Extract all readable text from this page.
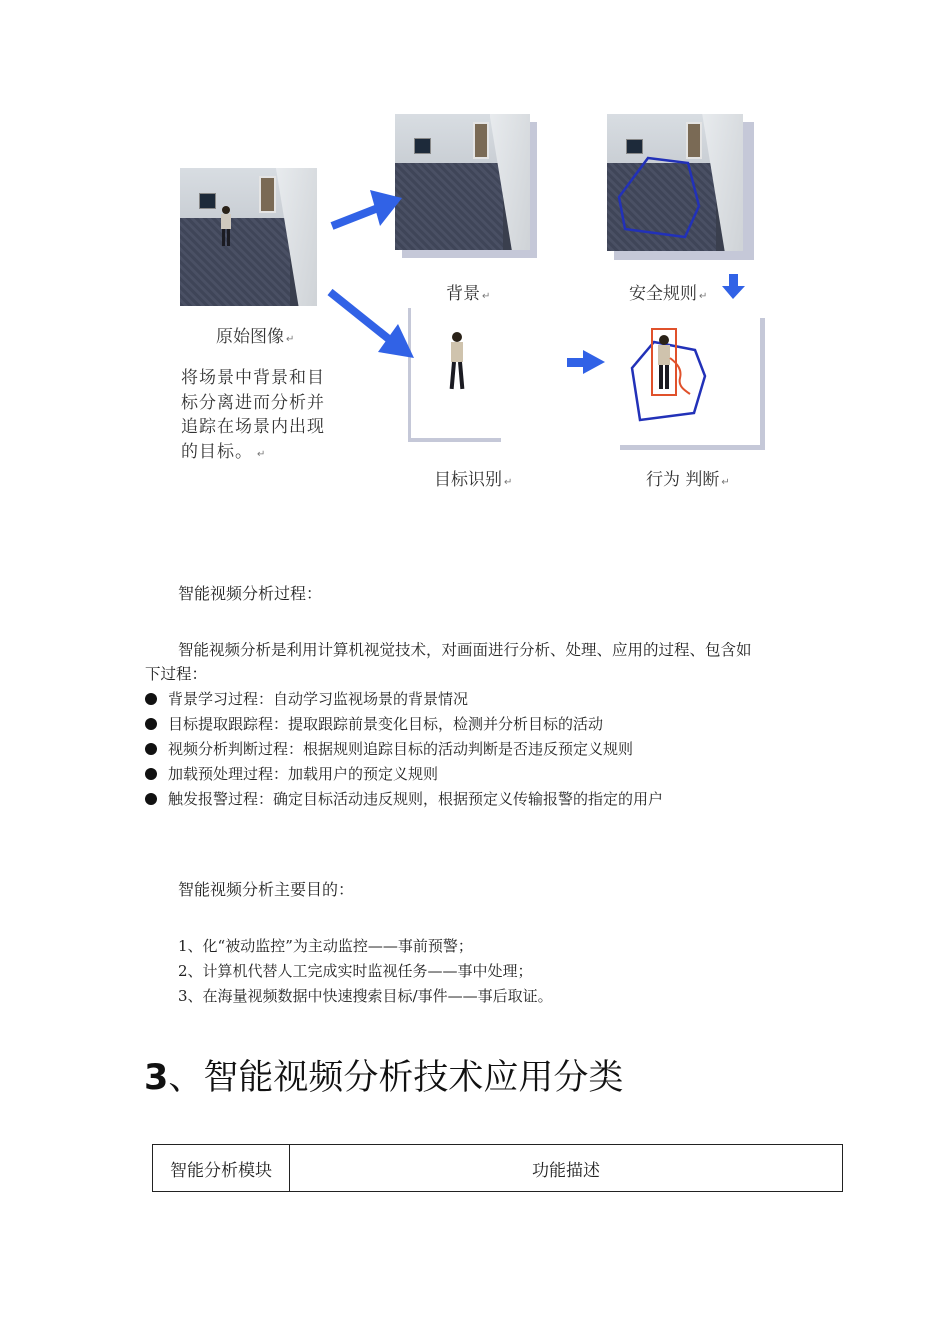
原始图像 ↵
将场景中背景和目
标分离进而分析并
追踪在场景内出现
的目标。 ↵
背景 ↵	安全规则 ↵
目标识别 ↵	行为 判断 ↵
智能视频分析过程：
智能视频分析是利用计算机视觉技术，对画面进行分析、处理、应用的过程、包含如
下过程：
背景学习过程：自动学习监视场景的背景情况
目标提取跟踪程：提取跟踪前景变化目标，检测并分析目标的活动
视频分析判断过程：根据规则追踪目标的活动判断是否违反预定义规则
加载预处理过程：加载用户的预定义规则
触发报警过程：确定目标活动违反规则，根据预定义传输报警的指定的用户
智能视频分析主要目的：
1、化“被动监控”为主动监控——事前预警；
2、计算机代替人工完成实时监视任务——事中处理；
3、在海量视频数据中快速搜索目标/事件——事后取证。
3、智能视频分析技术应用分类
智能分析模块	功能描述
